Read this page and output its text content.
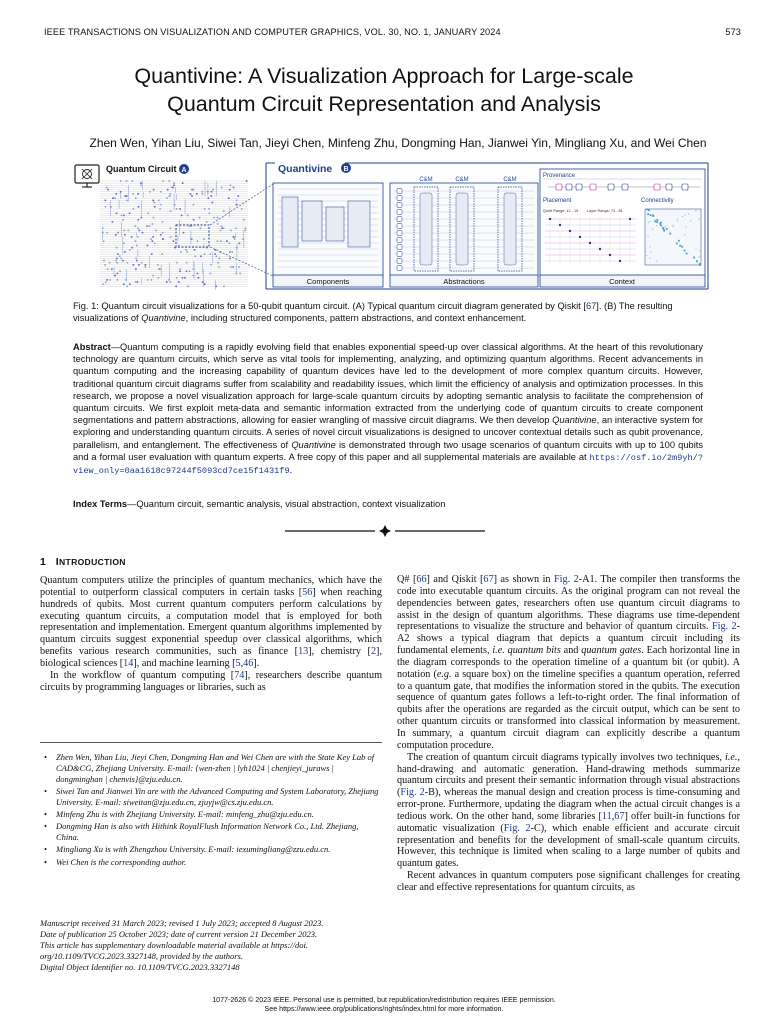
IEEE TRANSACTIONS ON VISUALIZATION AND COMPUTER GRAPHICS, VOL. 30, NO. 1, JANUARY 2024	573
Quantivine: A Visualization Approach for Large-scale
Quantum Circuit Representation and Analysis
Zhen Wen, Yihan Liu, Siwei Tan, Jieyi Chen, Minfeng Zhu, Dongming Han, Jianwei Yin, Mingliang Xu, and Wei Chen
Quantum Circuit A	Quantivine B
Components
C&M	C&M	C&M
Abstractions
Provenance
Placement	Connectivity
Qubit Range: 12 - 15 Layer Range: 73 - 81
Context
Fig. 1: Quantum circuit visualizations for a 50-qubit quantum circuit. (A) Typical quantum circuit diagram generated by Qiskit [67]. (B) The resulting visualizations of Quantivine, including structured components, pattern abstractions, and context enhancement.
Abstract—Quantum computing is a rapidly evolving field that enables exponential speed-up over classical algorithms. At the heart of this revolutionary technology are quantum circuits, which serve as vital tools for implementing, analyzing, and optimizing quantum algorithms. Recent advancements in quantum computing and the increasing capability of quantum devices have led to the development of more complex quantum circuits. However, traditional quantum circuit diagrams suffer from scalability and readability issues, which limit the efficiency of analysis and optimization processes. In this research, we propose a novel visualization approach for large-scale quantum circuits by adopting semantic analysis to facilitate the comprehension of quantum circuits. We first exploit meta-data and semantic information extracted from the underlying code of quantum circuits to create component segmentations and pattern abstractions, allowing for easier wrangling of massive circuit diagrams. We then develop Quantivine, an interactive system for exploring and understanding quantum circuits. A series of novel circuit visualizations is designed to uncover contextual details such as qubit provenance, parallelism, and entanglement. The effectiveness of Quantivine is demonstrated through two usage scenarios of quantum circuits with up to 100 qubits and a formal user evaluation with quantum experts. A free copy of this paper and all supplemental materials are available at https://osf.io/2m9yh/?view_only=0aa1618c97244f5093cd7ce15f1431f9.
Index Terms—Quantum circuit, semantic analysis, visual abstraction, context visualization
1 INTRODUCTION

Quantum computers utilize the principles of quantum mechanics, which have the potential to outperform classical computers in certain tasks [56] when reaching hundreds of qubits. Most current quantum computers perform calculations by executing quantum circuits, a computation model that is employed for both representation and implementation. Emergent quantum algorithms implemented by quantum circuits suggest exponential speedup over classical algorithms, which benefits various research communities, such as finance [13], chemistry [2], biological sciences [14], and machine learning [5,46].

In the workflow of quantum computing [74], researchers describe quantum circuits by programming languages or libraries, such as

• Zhen Wen, Yihan Liu, Jieyi Chen, Dongming Han and Wei Chen are with the State Key Lab of CAD&CG, Zhejiang University. E-mail: {wen-zhen | lyh1024 | chenjieyi_juraws | dongminghan | chenvis}@zju.edu.cn.
• Siwei Tan and Jianwei Yin are with the Advanced Computing and System Laboratory, Zhejiang University. E-mail: siweitan@zju.edu.cn, zjuyjw@cs.zju.edu.cn.
• Minfeng Zhu is with Zhejiang University. E-mail: minfeng_zhu@zju.edu.cn.
• Dongming Han is also with Hithink RoyalFlush Information Network Co., Ltd. Zhejiang, China.
• Mingliang Xu is with Zhengzhou University. E-mail: iexumingliang@zzu.edu.cn.
• Wei Chen is the corresponding author.
Manuscript received 31 March 2023; revised 1 July 2023; accepted 8 August 2023.
Date of publication 25 October 2023; date of current version 21 December 2023.
This article has supplementary downloadable material available at https://doi.
org/10.1109/TVCG.2023.3327148, provided by the authors.
Digital Object Identifier no. 10.1109/TVCG.2023.3327148

Q# [66] and Qiskit [67] as shown in Fig. 2-A1. The compiler then transforms the code into executable quantum circuits. As the original program can not reveal the dependencies between gates, researchers often use quantum circuit diagrams to assist in the design of quantum algorithms. These diagrams use time-dependent representations to visualize the structure and behavior of quantum circuits. Fig. 2-A2 shows a typical diagram that depicts a quantum circuit including its fundamental elements, i.e. quantum bits and quantum gates. Each horizontal line in the diagram corresponds to the operation timeline of a quantum bit (or qubit). A notation (e.g. a square box) on the timeline specifies a quantum operation, referred to a quantum gate, that modifies the information stored in the qubits. The execution sequence of quantum gates follows a left-to-right order. The final information of qubits after the operations are regarded as the circuit output, which can be sent to other quantum circuits or transformed into classical information by measurement. In summary, a quantum circuit diagram can explicitly describe a quantum computation procedure.

The creation of quantum circuit diagrams typically involves two techniques, i.e., hand-drawing and automatic generation. Hand-drawing methods summarize quantum circuits and present their semantic information through visual abstractions (Fig. 2-B), whereas the manual design and creation process is time-consuming and error-prone. Furthermore, updating the diagram when the actual circuit changes is a tedious work. On the other hand, some libraries [11,67] offer built-in functions for automatic visualization (Fig. 2-C), which enable efficient and accurate circuit representation and benefits for the development of small-scale quantum circuits. However, this technique is limited when scaling to a large number of qubits and quantum gates.

Recent advances in quantum computers pose significant challenges for creating clear and effective representations for quantum circuits, as

1077-2626 © 2023 IEEE. Personal use is permitted, but republication/redistribution requires IEEE permission.
See https://www.ieee.org/publications/rights/index.html for more information.
